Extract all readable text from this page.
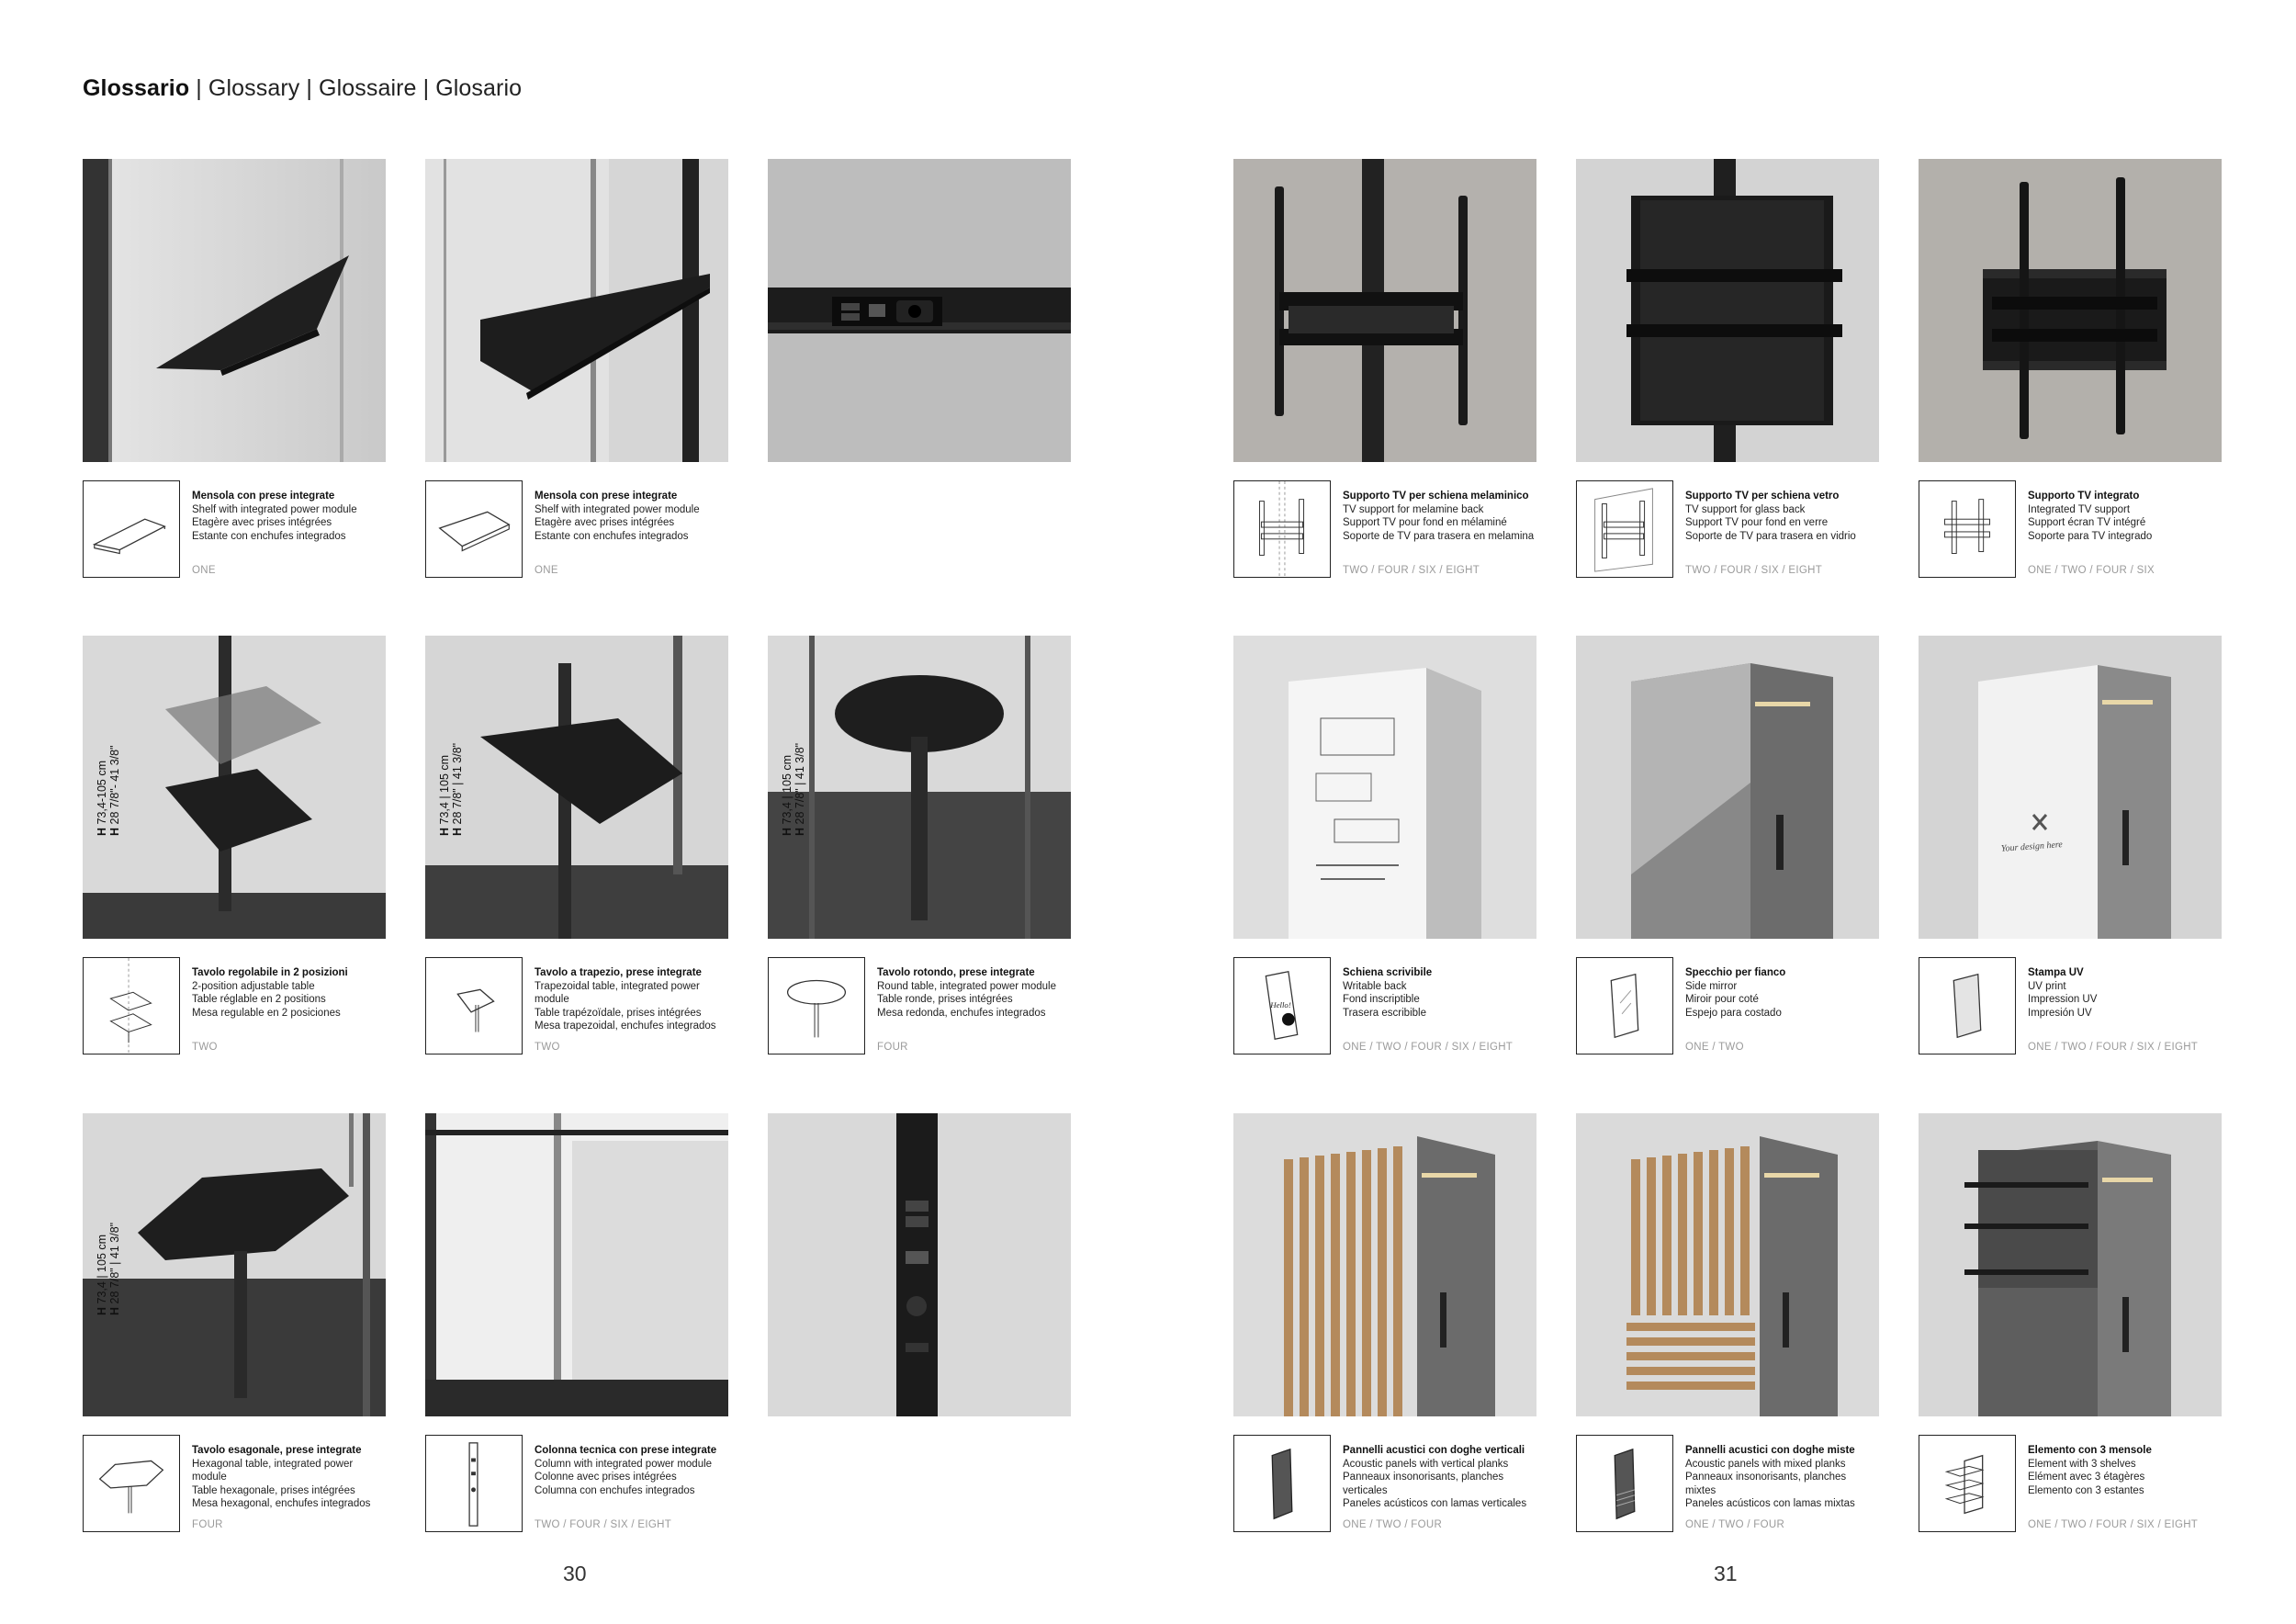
Glossario | Glossary | Glossaire | Glosario
H 73,4-105 cm
H 28 7/8"- 41 3/8"
H 73,4 | 105 cm
H 28 7/8" | 41 3/8"
H 73,4 | 105 cm
H 28 7/8" | 41 3/8"
Your design here
H 73,4 | 105 cm
H 28 7/8" | 41 3/8"
Mensola con prese integrate
Shelf with integrated power module
Etagère avec prises intégrées
Estante con enchufes integrados
ONE
Mensola con prese integrate
Shelf with integrated power module
Etagère avec prises intégrées
Estante con enchufes integrados
ONE
Supporto TV per schiena melaminico
TV support for melamine back
Support TV pour fond en mélaminé
Soporte de TV para trasera en melamina
TWO / FOUR / SIX / EIGHT
Supporto TV per schiena vetro
TV support for glass back
Support TV pour fond en verre
Soporte de TV para trasera en vidrio
TWO / FOUR / SIX / EIGHT
Supporto TV integrato
Integrated TV support
Support écran TV intégré
Soporte para TV integrado
ONE / TWO / FOUR / SIX
Tavolo regolabile in 2 posizioni
2-position adjustable table
Table réglable en 2 positions
Mesa regulable en 2 posiciones
TWO
Tavolo a trapezio, prese integrate
Trapezoidal table, integrated power module
Table trapézoïdale, prises intégrées
Mesa trapezoidal, enchufes integrados
TWO
Tavolo rotondo, prese integrate
Round table, integrated power module
Table ronde, prises intégrées
Mesa redonda, enchufes integrados
FOUR
Hello!
Schiena scrivibile
Writable back
Fond inscriptible
Trasera escribible
ONE / TWO / FOUR / SIX / EIGHT
Specchio per fianco
Side mirror
Miroir pour coté
Espejo para costado
ONE / TWO
Stampa UV
UV print
Impression UV
Impresión UV
ONE / TWO / FOUR / SIX / EIGHT
Tavolo esagonale, prese integrate
Hexagonal table, integrated power module
Table hexagonale, prises intégrées
Mesa hexagonal, enchufes integrados
FOUR
Colonna tecnica con prese integrate
Column with integrated power module
Colonne avec prises intégrées
Columna con enchufes integrados
TWO / FOUR / SIX / EIGHT
Pannelli acustici con doghe verticali
Acoustic panels with vertical planks
Panneaux insonorisants, planches verticales
Paneles acústicos con lamas verticales
ONE / TWO / FOUR
Pannelli acustici con doghe miste
Acoustic panels with mixed planks
Panneaux insonorisants, planches mixtes
Paneles acústicos con lamas mixtas
ONE / TWO / FOUR
Elemento con 3 mensole
Element with 3 shelves
Elément avec 3 étagères
Elemento con 3 estantes
ONE / TWO / FOUR / SIX / EIGHT
30	31
